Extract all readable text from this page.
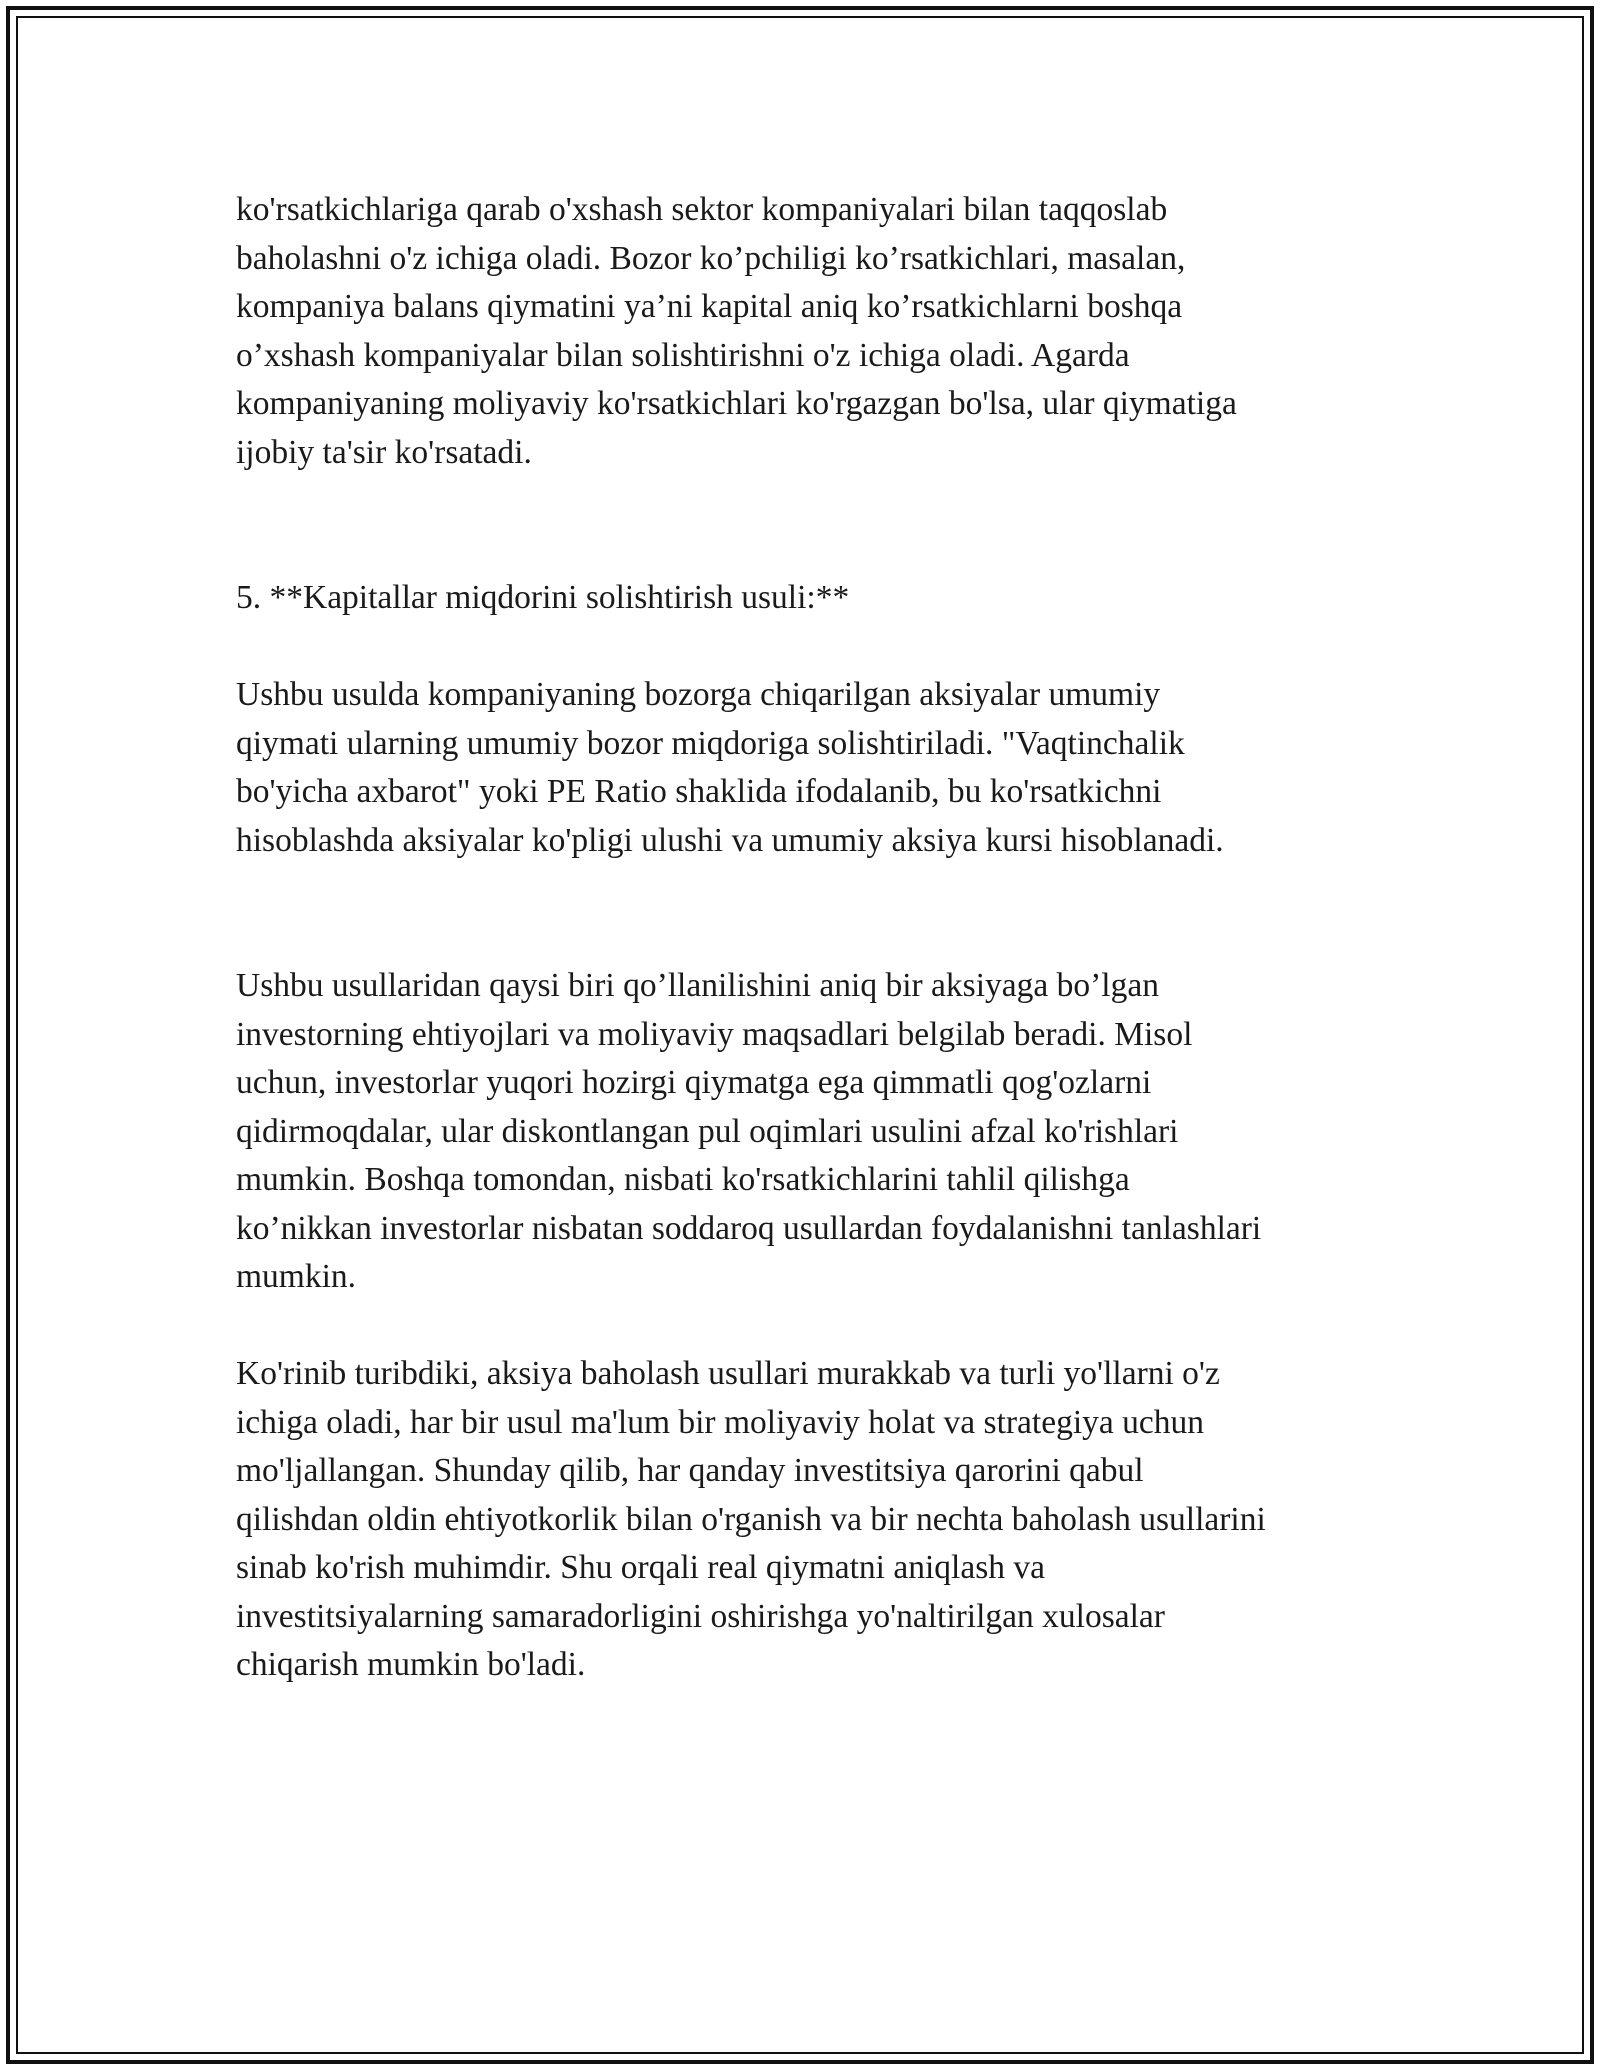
ko'rsatkichlariga qarab o'xshash sektor kompaniyalari bilan taqqoslab
baholashni o'z ichiga oladi. Bozor ko’pchiligi ko’rsatkichlari, masalan,
kompaniya balans qiymatini ya’ni kapital aniq ko’rsatkichlarni boshqa
o’xshash kompaniyalar bilan solishtirishni o'z ichiga oladi. Agarda
kompaniyaning moliyaviy ko'rsatkichlari ko'rgazgan bo'lsa, ular qiymatiga
ijobiy ta'sir ko'rsatadi.

5. **Kapitallar miqdorini solishtirish usuli:**

Ushbu usulda kompaniyaning bozorga chiqarilgan aksiyalar umumiy
qiymati ularning umumiy bozor miqdoriga solishtiriladi. "Vaqtinchalik
bo'yicha axbarot" yoki PE Ratio shaklida ifodalanib, bu ko'rsatkichni
hisoblashda aksiyalar ko'pligi ulushi va umumiy aksiya kursi hisoblanadi.

Ushbu usullaridan qaysi biri qo’llanilishini aniq bir aksiyaga bo’lgan
investorning ehtiyojlari va moliyaviy maqsadlari belgilab beradi. Misol
uchun, investorlar yuqori hozirgi qiymatga ega qimmatli qog'ozlarni
qidirmoqdalar, ular diskontlangan pul oqimlari usulini afzal ko'rishlari
mumkin. Boshqa tomondan, nisbati ko'rsatkichlarini tahlil qilishga
ko’nikkan investorlar nisbatan soddaroq usullardan foydalanishni tanlashlari
mumkin.

Ko'rinib turibdiki, aksiya baholash usullari murakkab va turli yo'llarni o'z
ichiga oladi, har bir usul ma'lum bir moliyaviy holat va strategiya uchun
mo'ljallangan. Shunday qilib, har qanday investitsiya qarorini qabul
qilishdan oldin ehtiyotkorlik bilan o'rganish va bir nechta baholash usullarini
sinab ko'rish muhimdir. Shu orqali real qiymatni aniqlash va
investitsiyalarning samaradorligini oshirishga yo'naltirilgan xulosalar
chiqarish mumkin bo'ladi.
